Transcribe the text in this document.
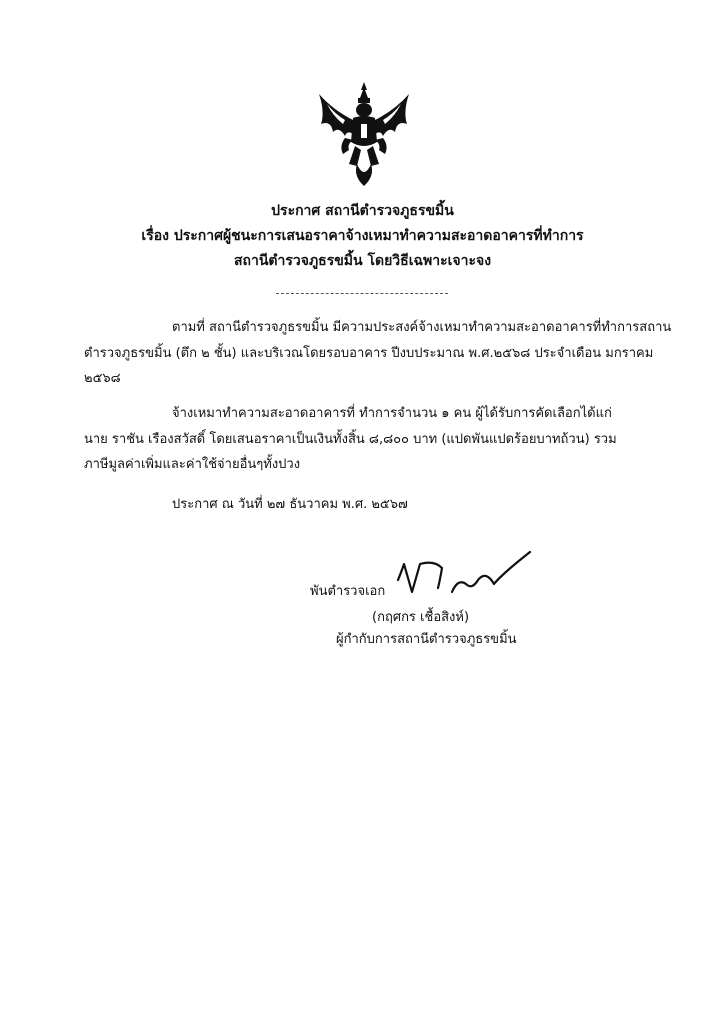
ประกาศ สถานีตำรวจภูธรขมิ้น
เรื่อง ประกาศผู้ชนะการเสนอราคาจ้างเหมาทำความสะอาดอาคารที่ทำการ
สถานีตำรวจภูธรขมิ้น โดยวิธีเฉพาะเจาะจง
ตามที่ สถานีตำรวจภูธรขมิ้น มีความประสงค์จ้างเหมาทำความสะอาดอาคารที่ทำการสถาน
ตำรวจภูธรขมิ้น (ตึก ๒ ชั้น) และบริเวณโดยรอบอาคาร ปีงบประมาณ พ.ศ.๒๕๖๘ ประจำเดือน มกราคม
๒๕๖๘
จ้างเหมาทำความสะอาดอาคารที่ ทำการจำนวน ๑ คน ผู้ได้รับการคัดเลือกได้แก่
นาย ราชัน เรืองสวัสดิ์ โดยเสนอราคาเป็นเงินทั้งสิ้น ๘,๘๐๐ บาท (แปดพันแปดร้อยบาทถ้วน) รวม
ภาษีมูลค่าเพิ่มและค่าใช้จ่ายอื่นๆทั้งปวง
ประกาศ ณ วันที่ ๒๗ ธันวาคม พ.ศ. ๒๕๖๗
พันตำรวจเอก
(กฤศกร เชื้อสิงห์)
ผู้กำกับการสถานีตำรวจภูธรขมิ้น
